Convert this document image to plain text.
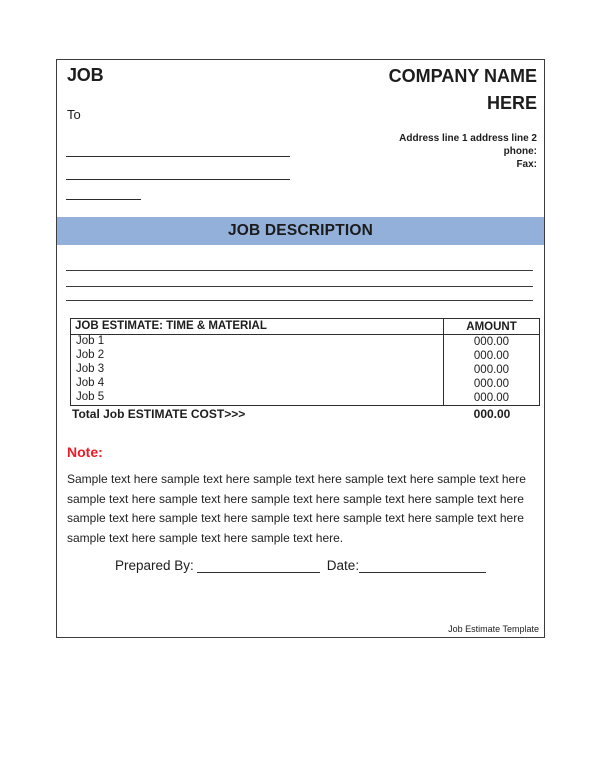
JOB	COMPANY NAME HERE
To
Address line 1 address line 2
phone:
Fax:
JOB DESCRIPTION
JOB ESTIMATE: TIME & MATERIAL	AMOUNT
Job 1	000.00
Job 2	000.00
Job 3	000.00
Job 4	000.00
Job 5	000.00
Total Job ESTIMATE COST>>>	000.00
Note:
Sample text here sample text here sample text here sample text here sample text here sample text here sample text here sample text here sample text here sample text here sample text here sample text here sample text here sample text here sample text here sample text here sample text here sample text here.
Prepared By:	Date:
Job Estimate Template
